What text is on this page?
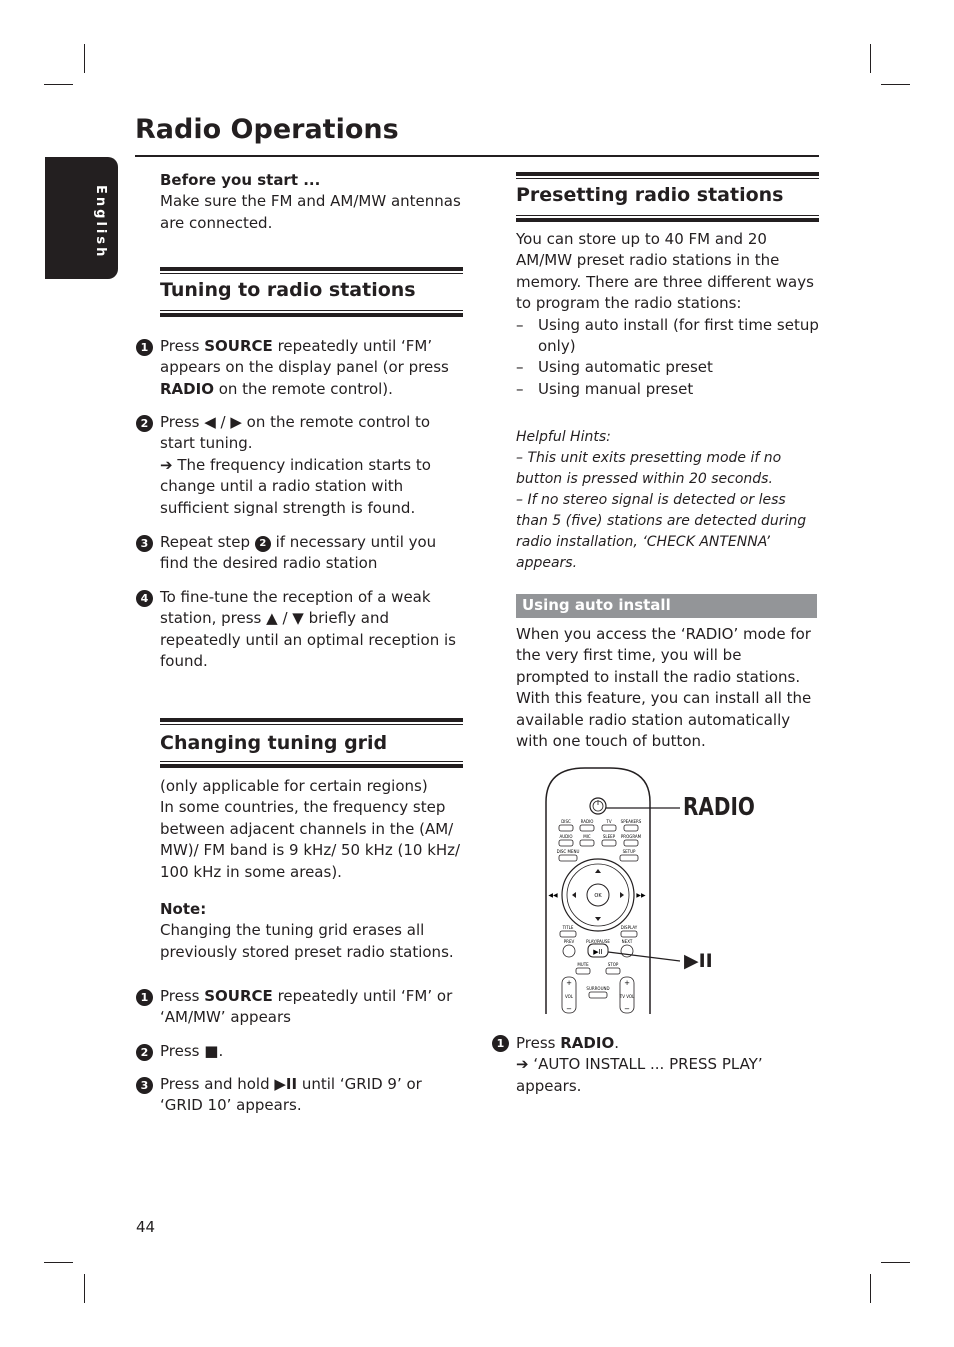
English
Radio Operations
Before you start ...
Make sure the FM and AM/MW antennas are connected.
Tuning to radio stations
1 Press SOURCE repeatedly until ‘FM’ appears on the display panel (or press RADIO on the remote control).
2 Press ◀ / ▶ on the remote control to start tuning.
➔ The frequency indication starts to change until a radio station with sufficient signal strength is found.
3 Repeat step 2 if necessary until you find the desired radio station
4 To fine-tune the reception of a weak station, press ▲ / ▼ briefly and repeatedly until an optimal reception is found.
Changing tuning grid
(only applicable for certain regions)
In some countries, the frequency step between adjacent channels in the (AM/ MW)/ FM band is 9 kHz/ 50 kHz (10 kHz/ 100 kHz in some areas).
Note:
Changing the tuning grid erases all previously stored preset radio stations.
1 Press SOURCE repeatedly until ‘FM’ or ‘AM/MW’ appears
2 Press ■.
3 Press and hold ▶II until ‘GRID 9’ or ‘GRID 10’ appears.
Presetting radio stations
You can store up to 40 FM and 20 AM/MW preset radio stations in the memory. There are three different ways to program the radio stations:
– Using auto install (for first time setup only)
– Using automatic preset
– Using manual preset
Helpful Hints:
– This unit exits presetting mode if no button is pressed within 20 seconds.
– If no stereo signal is detected or less than 5 (five) stations are detected during radio installation, ‘CHECK ANTENNA’ appears.
Using auto install
When you access the ‘RADIO’ mode for the very first time, you will be prompted to install the radio stations. With this feature, you can install all the available radio station automatically with one touch of button.
DISC RADIO	TV SPEAKERS
AUDIO	MIC	SLEEP PROGRAM
DISC MENU	SETUP
OK
◀◀	▶▶
TITLE	DISPLAY
PREV	PLAY/PAUSE	NEXT
▶II
MUTE	STOP
+
VOL
−
SURROUND
+
TV VOL
−
RADIO
▶II
1 Press RADIO.
➔ ‘AUTO INSTALL ... PRESS PLAY’ appears.
44
